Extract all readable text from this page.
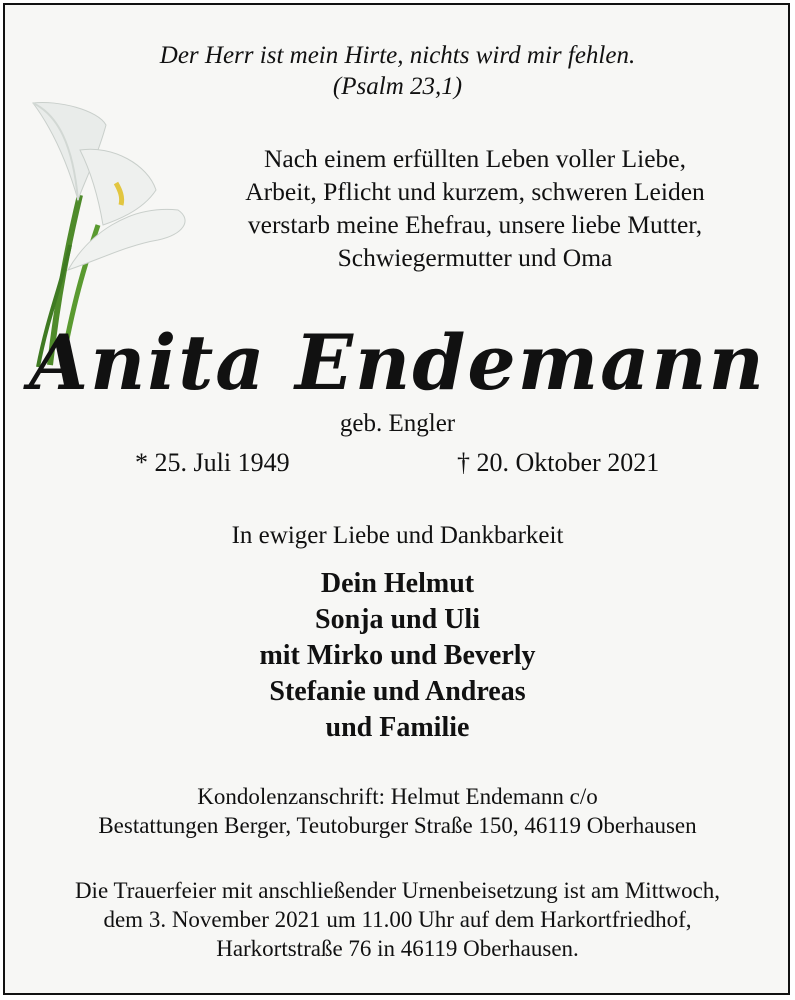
Der Herr ist mein Hirte, nichts wird mir fehlen.
(Psalm 23,1)
Nach einem erfüllten Leben voller Liebe,
Arbeit, Pflicht und kurzem, schweren Leiden
verstarb meine Ehefrau, unsere liebe Mutter,
Schwiegermutter und Oma
Anita Endemann
geb. Engler
* 25. Juli 1949	† 20. Oktober 2021
In ewiger Liebe und Dankbarkeit
Dein Helmut
Sonja und Uli
mit Mirko und Beverly
Stefanie und Andreas
und Familie
Kondolenzanschrift: Helmut Endemann c/o
Bestattungen Berger, Teutoburger Straße 150, 46119 Oberhausen
Die Trauerfeier mit anschließender Urnenbeisetzung ist am Mittwoch,
dem 3. November 2021 um 11.00 Uhr auf dem Harkortfriedhof,
Harkortstraße 76 in 46119 Oberhausen.
